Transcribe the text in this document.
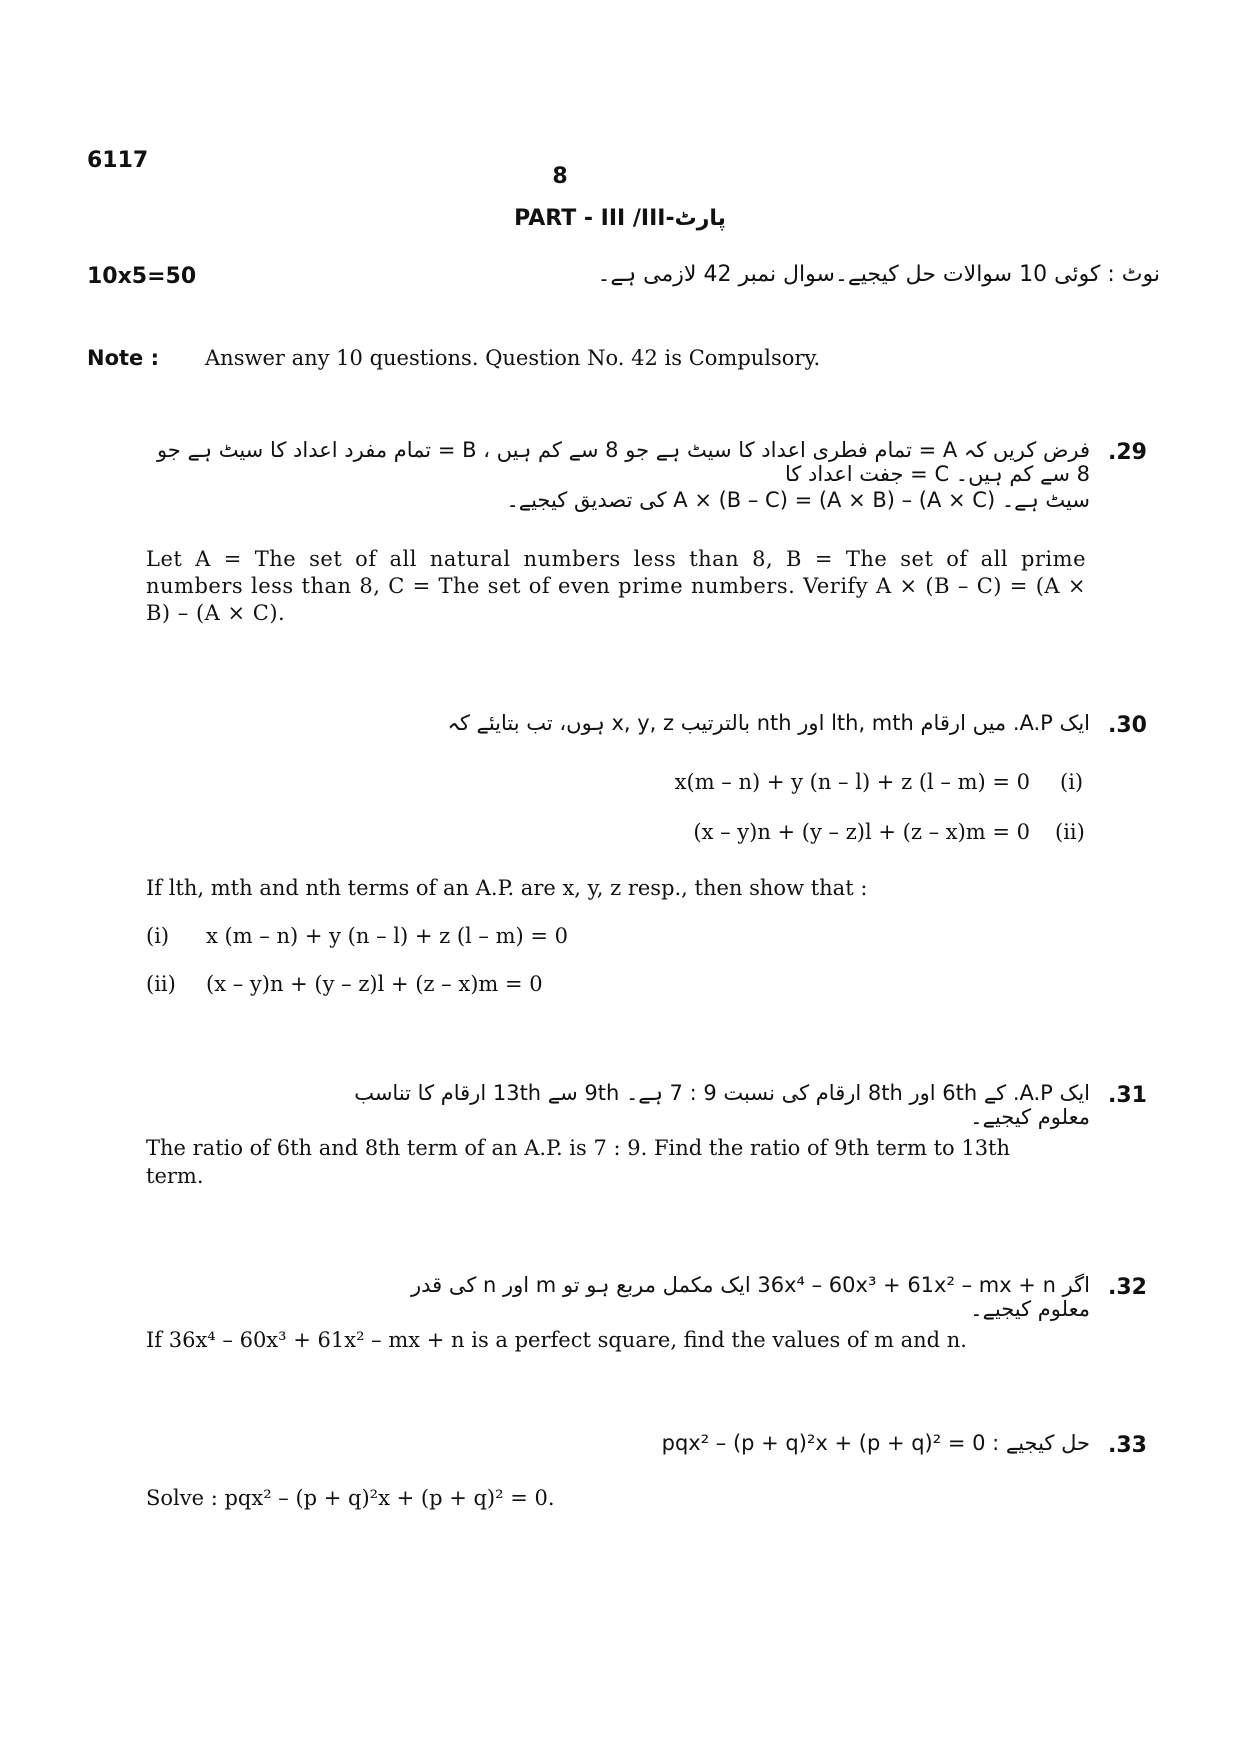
6117
8
PART - III /III-پارٹ
10x5=50	نوٹ : کوئی 10 سوالات حل کیجیے۔سوال نمبر 42 لازمی ہے۔
Note : Answer any 10 questions. Question No. 42 is Compulsory.
.29
فرض کریں کہ A = تمام فطری اعداد کا سیٹ ہے جو 8 سے کم ہیں ، B = تمام مفرد اعداد کا سیٹ ہے جو 8 سے کم ہیں۔ C = جفت اعداد کا
سیٹ ہے۔ A × (B – C) = (A × B) – (A × C) کی تصدیق کیجیے۔
Let A = The set of all natural numbers less than 8, B = The set of all prime numbers less than 8, C = The set of even prime numbers. Verify A × (B – C) = (A × B) – (A × C).
.30
ایک A.P. میں ارقام lth, mth اور nth بالترتیب x, y, z ہوں، تب بتایئے کہ
x(m – n) + y (n – l) + z (l – m) = 0 (i)
(x – y)n + (y – z)l + (z – x)m = 0 (ii)
If lth, mth and nth terms of an A.P. are x, y, z resp., then show that :
(i) x (m – n) + y (n – l) + z (l – m) = 0
(ii) (x – y)n + (y – z)l + (z – x)m = 0
.31
ایک A.P. کے 6th اور 8th ارقام کی نسبت 9 : 7 ہے۔ 9th سے 13th ارقام کا تناسب معلوم کیجیے۔
The ratio of 6th and 8th term of an A.P. is 7 : 9. Find the ratio of 9th term to 13th
term.
.32
اگر 36x⁴ – 60x³ + 61x² – mx + n ایک مکمل مربع ہو تو m اور n کی قدر معلوم کیجیے۔
If 36x⁴ – 60x³ + 61x² – mx + n is a perfect square, find the values of m and n.
.33
حل کیجیے : pqx² – (p + q)²x + (p + q)² = 0
Solve : pqx² – (p + q)²x + (p + q)² = 0.
